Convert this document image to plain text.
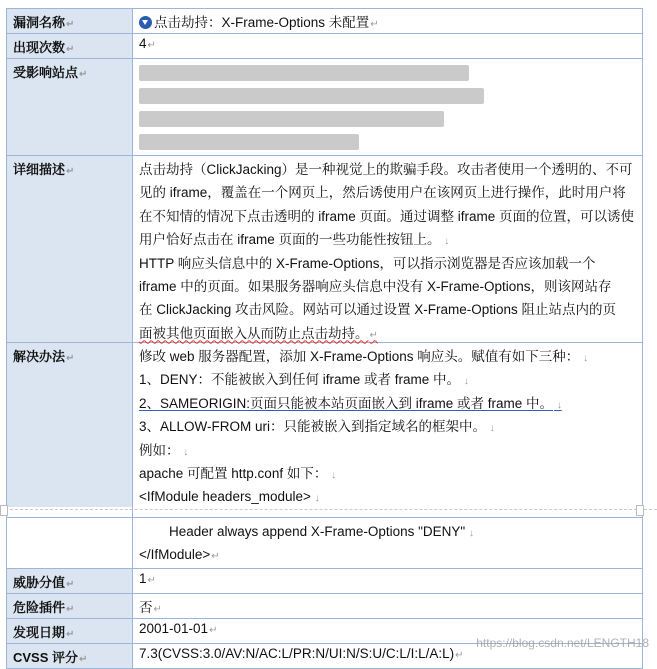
漏洞名称↵	点击劫持：X-Frame-Options 未配置↵
出现次数↵	4↵
受影响站点↵
详细描述↵	点击劫持（ClickJacking）是一种视觉上的欺骗手段。攻击者使用一个透明的、不可
见的 iframe，覆盖在一个网页上，然后诱使用户在该网页上进行操作，此时用户将
在不知情的情况下点击透明的 iframe 页面。通过调整 iframe 页面的位置，可以诱使
用户恰好点击在 iframe 页面的一些功能性按钮上。 ↓
HTTP 响应头信息中的 X-Frame-Options，可以指示浏览器是否应该加载一个
iframe 中的页面。如果服务器响应头信息中没有 X-Frame-Options，则该网站存
在 ClickJacking 攻击风险。网站可以通过设置 X-Frame-Options 阻止站点内的页
面被其他页面嵌入从而防止点击劫持。↵
解决办法↵	修改 web 服务器配置，添加 X-Frame-Options 响应头。赋值有如下三种： ↓
1、DENY：不能被嵌入到任何 iframe 或者 frame 中。 ↓
2、SAMEORIGIN:页面只能被本站页面嵌入到 iframe 或者 frame 中。 ↓
3、ALLOW-FROM uri：只能被嵌入到指定域名的框架中。 ↓
例如： ↓
apache 可配置 http.conf 如下： ↓
<IfModule headers_module> ↓
Header always append X-Frame-Options "DENY" ↓
</IfModule>↵
威胁分值↵	1↵
危险插件↵	否↵
发现日期↵	2001-01-01↵
CVSS 评分↵	7.3(CVSS:3.0/AV:N/AC:L/PR:N/UI:N/S:U/C:L/I:L/A:L)↵
https://blog.csdn.net/LENGTH18
